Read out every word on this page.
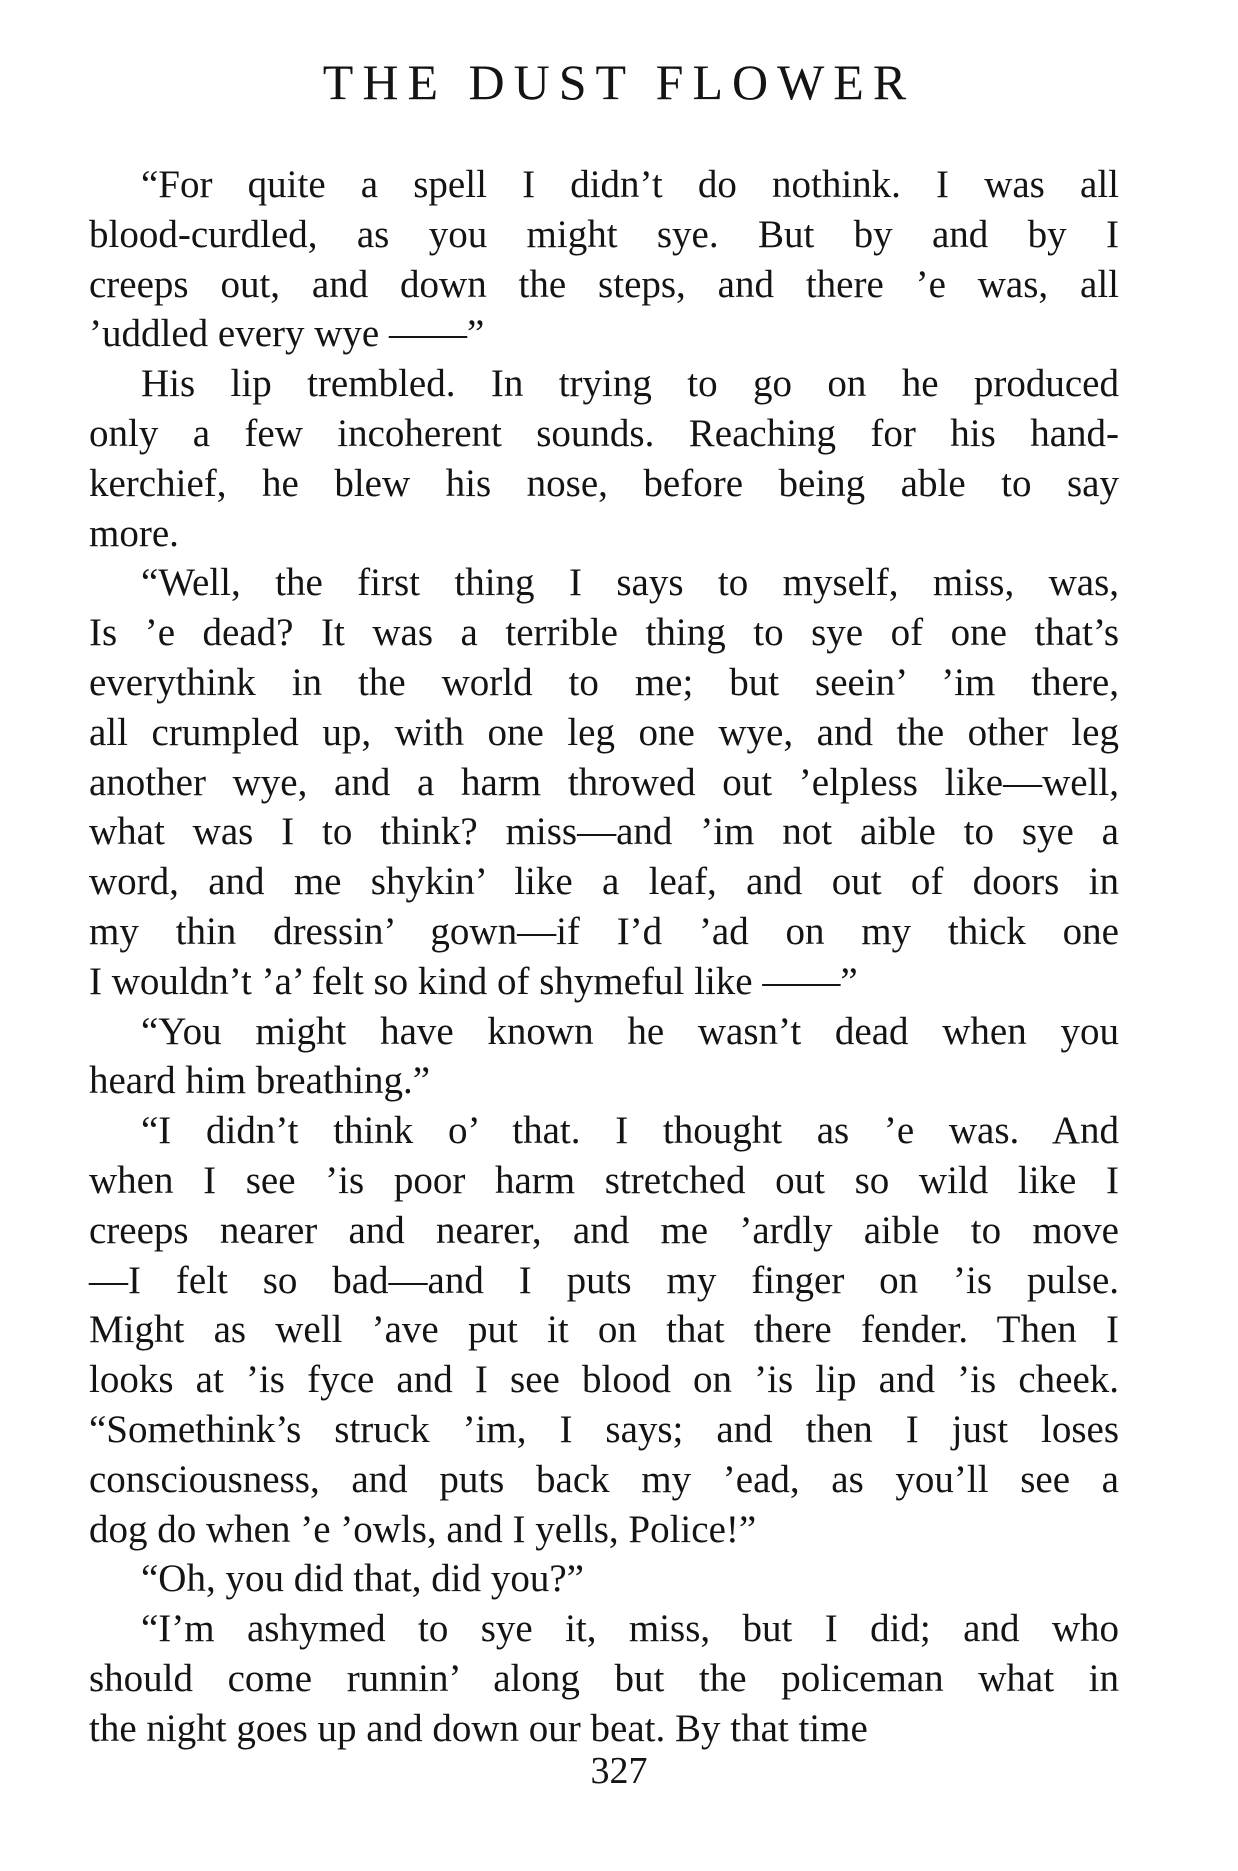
THE DUST FLOWER

“For quite a spell I didn’t do nothink. I was all
blood-curdled, as you might sye. But by and by I
creeps out, and down the steps, and there ’e was, all
’uddled every wye ——”

His lip trembled. In trying to go on he produced
only a few incoherent sounds. Reaching for his hand-
kerchief, he blew his nose, before being able to say
more.

“Well, the first thing I says to myself, miss, was,
Is ’e dead? It was a terrible thing to sye of one that’s
everythink in the world to me; but seein’ ’im there,
all crumpled up, with one leg one wye, and the other leg
another wye, and a harm throwed out ’elpless like—well,
what was I to think? miss—and ’im not aible to sye a
word, and me shykin’ like a leaf, and out of doors in
my thin dressin’ gown—if I’d ’ad on my thick one
I wouldn’t ’a’ felt so kind of shymeful like ——”

“You might have known he wasn’t dead when you
heard him breathing.”

“I didn’t think o’ that. I thought as ’e was. And
when I see ’is poor harm stretched out so wild like I
creeps nearer and nearer, and me ’ardly aible to move
—I felt so bad—and I puts my finger on ’is pulse.
Might as well ’ave put it on that there fender. Then I
looks at ’is fyce and I see blood on ’is lip and ’is cheek.
“Somethink’s struck ’im, I says; and then I just loses
consciousness, and puts back my ’ead, as you’ll see a
dog do when ’e ’owls, and I yells, Police!”

“Oh, you did that, did you?”

“I’m ashymed to sye it, miss, but I did; and who
should come runnin’ along but the policeman what in
the night goes up and down our beat. By that time

327
